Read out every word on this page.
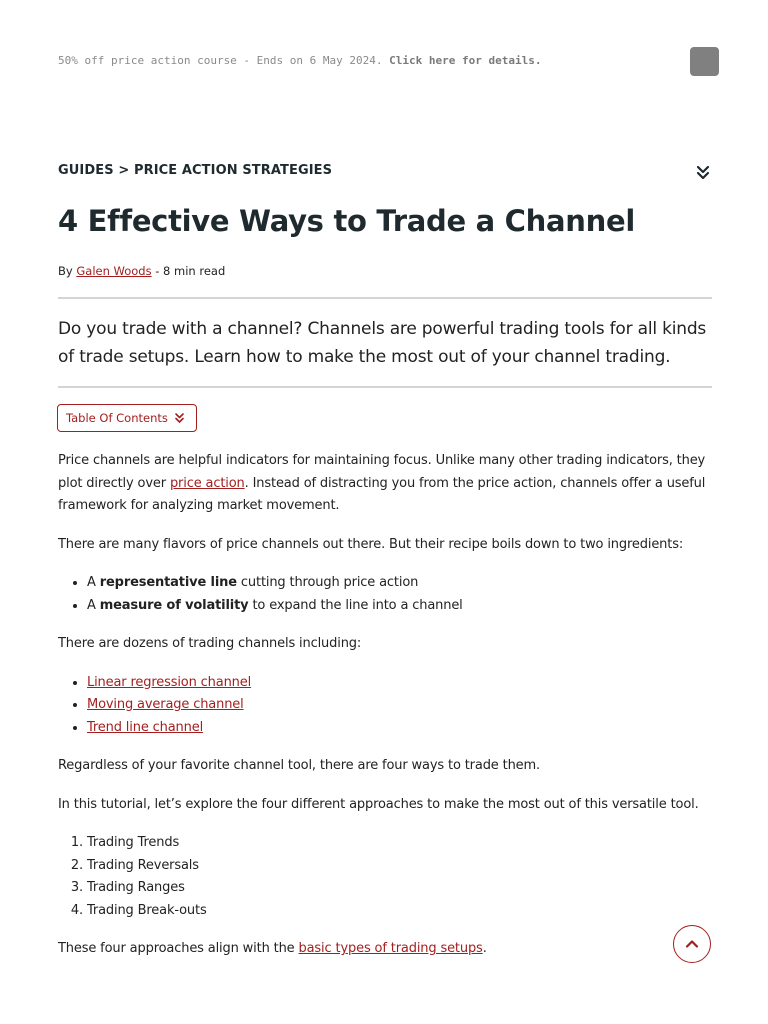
50% off price action course - Ends on 6 May 2024. Click here for details.
GUIDES > PRICE ACTION STRATEGIES
4 Effective Ways to Trade a Channel
By Galen Woods - 8 min read

Do you trade with a channel? Channels are powerful trading tools for all kinds of trade setups. Learn how to make the most out of your channel trading.

Table Of Contents

Price channels are helpful indicators for maintaining focus. Unlike many other trading indicators, they plot directly over price action. Instead of distracting you from the price action, channels offer a useful framework for analyzing market movement.

There are many flavors of price channels out there. But their recipe boils down to two ingredients:

• A representative line cutting through price action
• A measure of volatility to expand the line into a channel

There are dozens of trading channels including:

• Linear regression channel
• Moving average channel
• Trend line channel

Regardless of your favorite channel tool, there are four ways to trade them.

In this tutorial, let’s explore the four different approaches to make the most out of this versatile tool.

1. Trading Trends
2. Trading Reversals
3. Trading Ranges
4. Trading Break-outs

These four approaches align with the basic types of trading setups.
